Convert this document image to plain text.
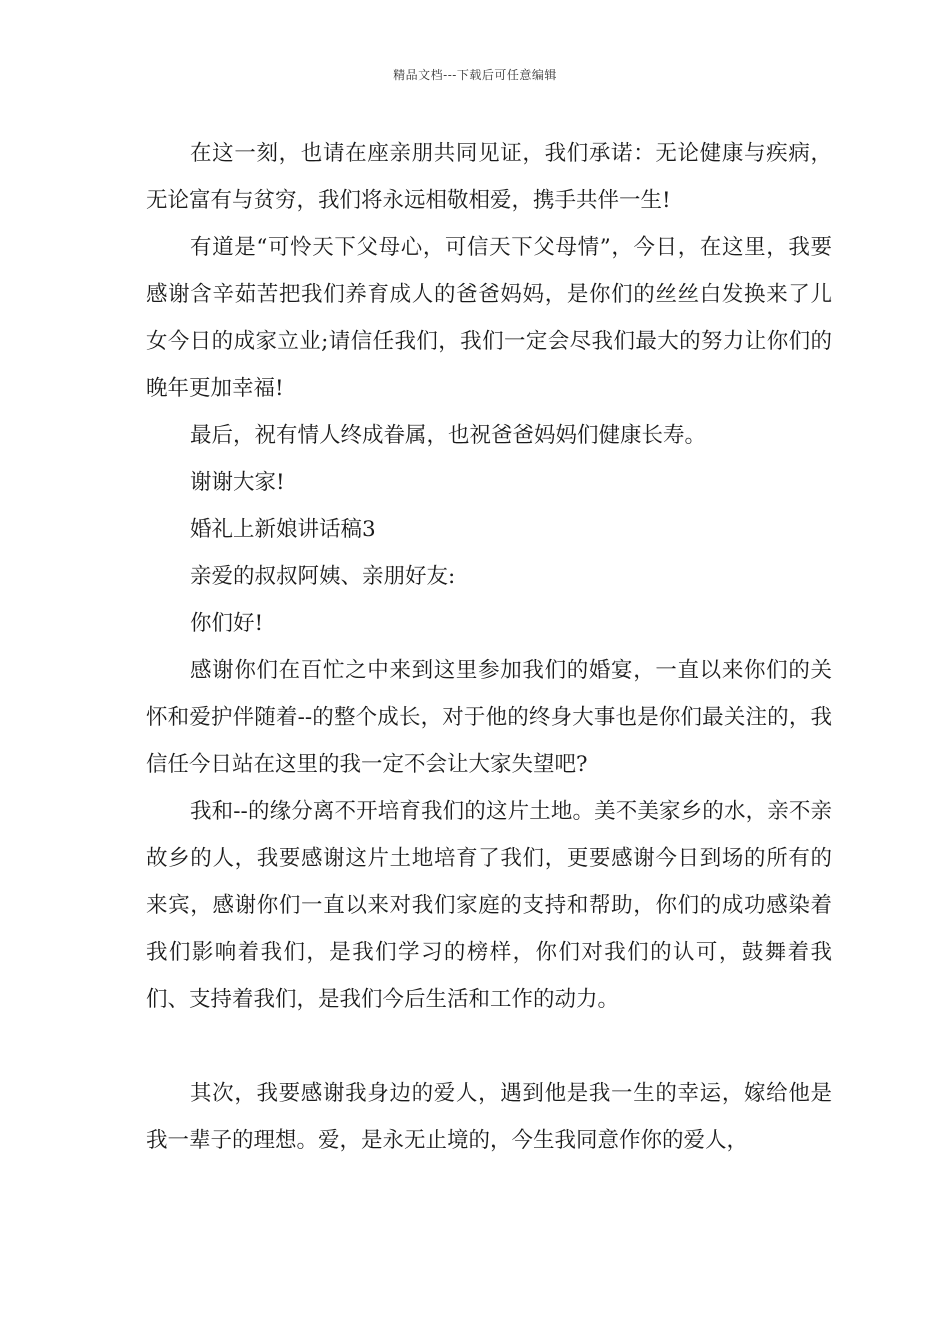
精品文档---下载后可任意编辑

在这一刻，也请在座亲朋共同见证，我们承诺：无论健康与疾病，无论富有与贫穷，我们将永远相敬相爱，携手共伴一生!

有道是“可怜天下父母心，可信天下父母情”，今日，在这里，我要感谢含辛茹苦把我们养育成人的爸爸妈妈，是你们的丝丝白发换来了儿女今日的成家立业;请信任我们，我们一定会尽我们最大的努力让你们的晚年更加幸福!

最后，祝有情人终成眷属，也祝爸爸妈妈们健康长寿。

谢谢大家!

婚礼上新娘讲话稿3

亲爱的叔叔阿姨、亲朋好友:

你们好!

感谢你们在百忙之中来到这里参加我们的婚宴，一直以来你们的关怀和爱护伴随着--的整个成长，对于他的终身大事也是你们最关注的，我信任今日站在这里的我一定不会让大家失望吧?

我和--的缘分离不开培育我们的这片土地。美不美家乡的水，亲不亲故乡的人，我要感谢这片土地培育了我们，更要感谢今日到场的所有的来宾，感谢你们一直以来对我们家庭的支持和帮助，你们的成功感染着我们影响着我们，是我们学习的榜样，你们对我们的认可，鼓舞着我们、支持着我们，是我们今后生活和工作的动力。

其次，我要感谢我身边的爱人，遇到他是我一生的幸运，嫁给他是我一辈子的理想。爱，是永无止境的，今生我同意作你的爱人，
